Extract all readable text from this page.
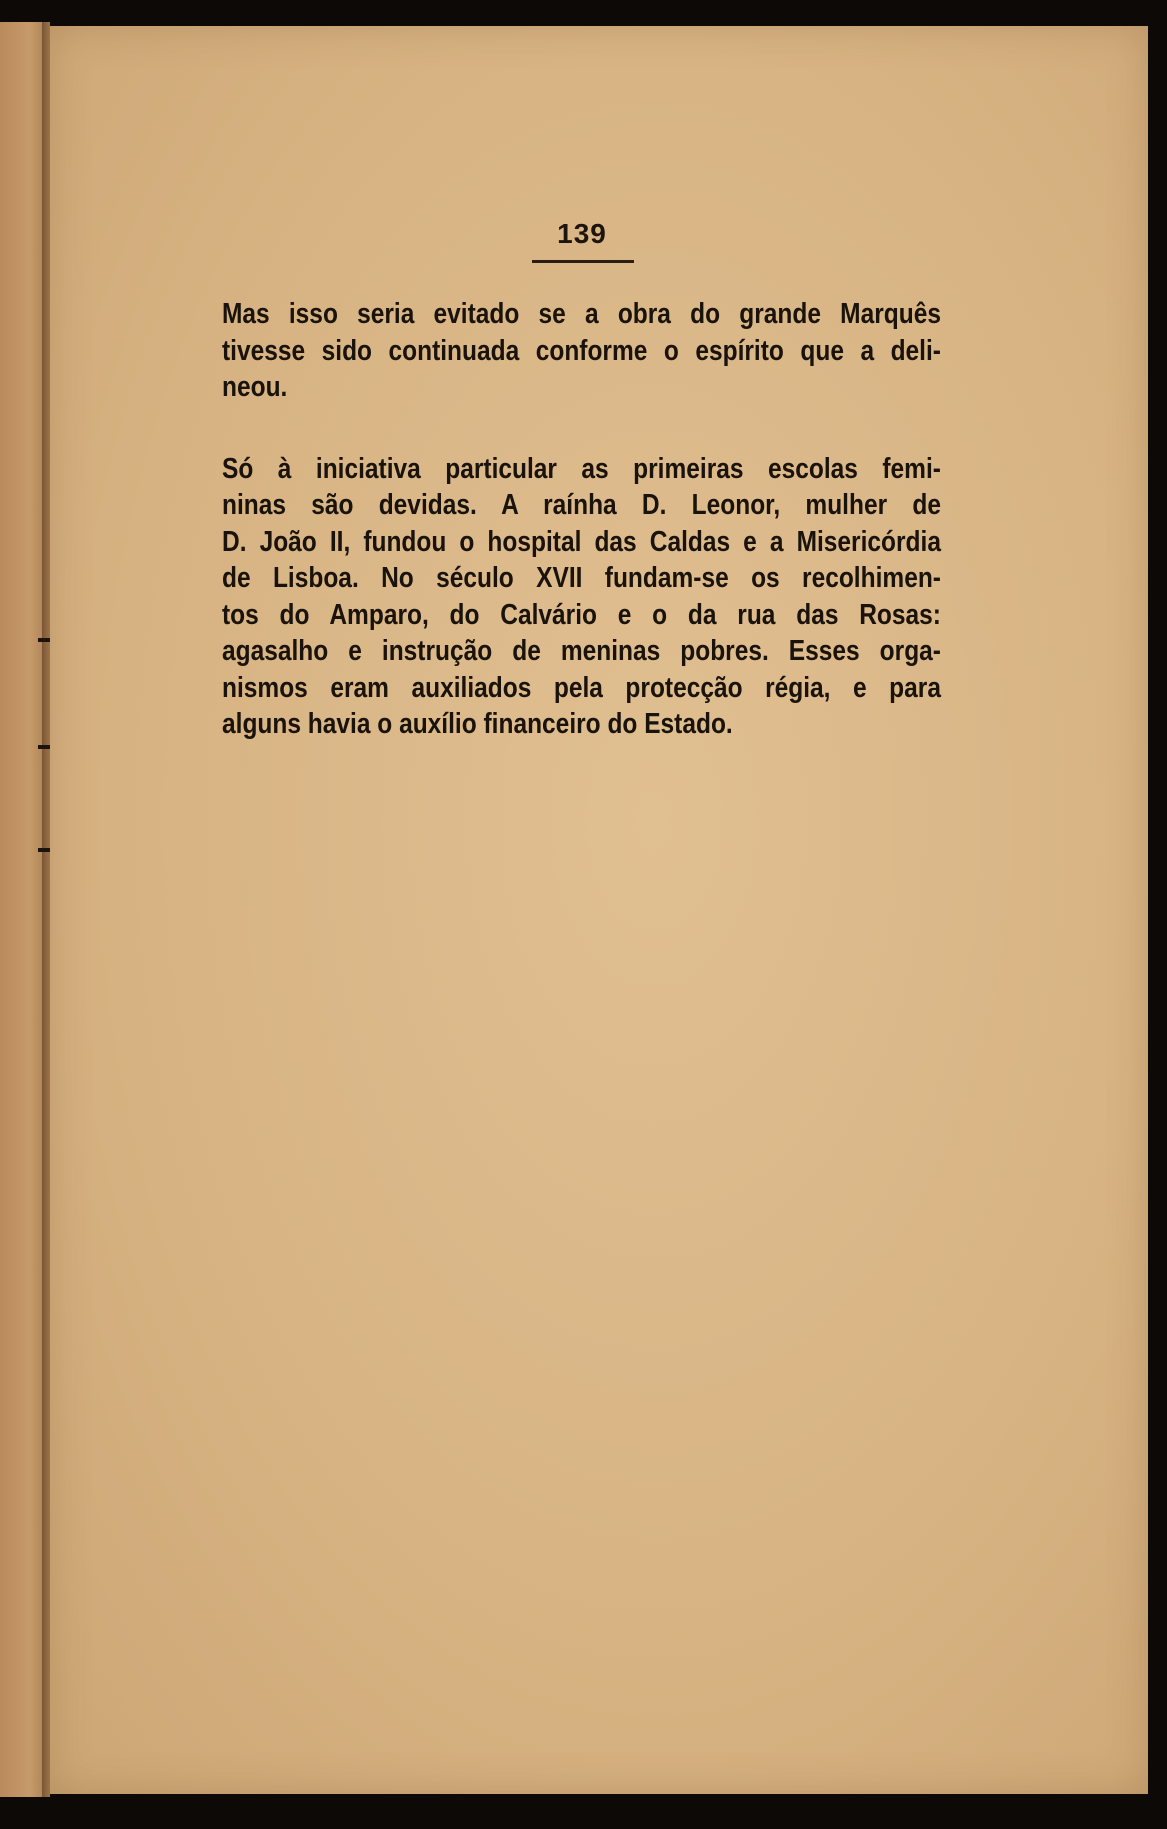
139
Mas isso seria evitado se a obra do grande Marquês
tivesse sido continuada conforme o espírito que a deli-
neou.
Só à iniciativa particular as primeiras escolas femi-
ninas são devidas. A raínha D. Leonor, mulher de
D. João II, fundou o hospital das Caldas e a Misericórdia
de Lisboa. No século XVII fundam-se os recolhimen-
tos do Amparo, do Calvário e o da rua das Rosas:
agasalho e instrução de meninas pobres. Esses orga-
nismos eram auxiliados pela protecção régia, e para
alguns havia o auxílio financeiro do Estado.
